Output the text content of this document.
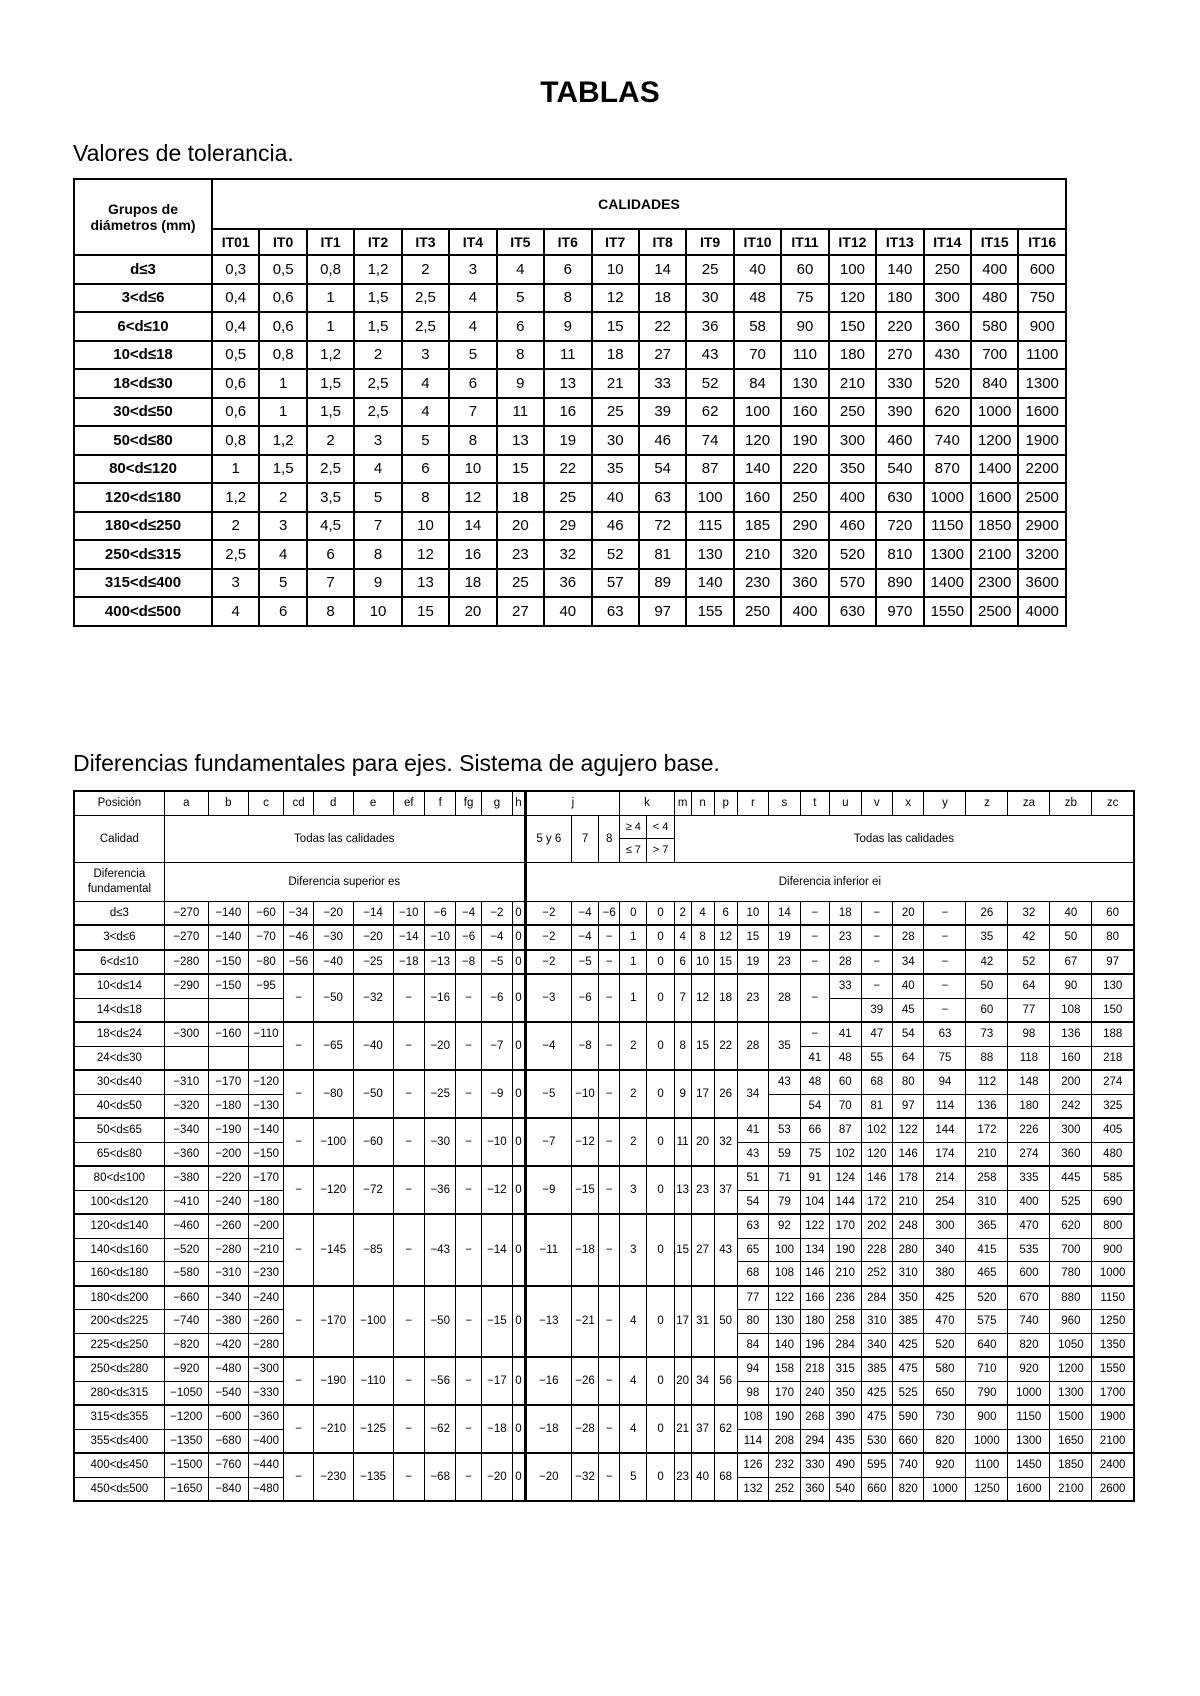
TABLAS
Valores de tolerancia.
Grupos de diámetros (mm)	CALIDADES																	
	IT01	IT0	IT1	IT2	IT3	IT4	IT5	IT6	IT7	IT8	IT9	IT10	IT11	IT12	IT13	IT14	IT15	IT16
d≤3	0,3	0,5	0,8	1,2	2	3	4	6	10	14	25	40	60	100	140	250	400	600
3<d≤6	0,4	0,6	1	1,5	2,5	4	5	8	12	18	30	48	75	120	180	300	480	750
6<d≤10	0,4	0,6	1	1,5	2,5	4	6	9	15	22	36	58	90	150	220	360	580	900
10<d≤18	0,5	0,8	1,2	2	3	5	8	11	18	27	43	70	110	180	270	430	700	1100
18<d≤30	0,6	1	1,5	2,5	4	6	9	13	21	33	52	84	130	210	330	520	840	1300
30<d≤50	0,6	1	1,5	2,5	4	7	11	16	25	39	62	100	160	250	390	620	1000	1600
50<d≤80	0,8	1,2	2	3	5	8	13	19	30	46	74	120	190	300	460	740	1200	1900
80<d≤120	1	1,5	2,5	4	6	10	15	22	35	54	87	140	220	350	540	870	1400	2200
120<d≤180	1,2	2	3,5	5	8	12	18	25	40	63	100	160	250	400	630	1000	1600	2500
180<d≤250	2	3	4,5	7	10	14	20	29	46	72	115	185	290	460	720	1150	1850	2900
250<d≤315	2,5	4	6	8	12	16	23	32	52	81	130	210	320	520	810	1300	2100	3200
315<d≤400	3	5	7	9	13	18	25	36	57	89	140	230	360	570	890	1400	2300	3600
400<d≤500	4	6	8	10	15	20	27	40	63	97	155	250	400	630	970	1550	2500	4000
Diferencias fundamentales para ejes. Sistema de agujero base.
Posición	a	b	c	cd	d	e	ef	f	fg	g	h	j			k		m	n	p	r	s	t	u	v	x	y	z	za	zb	zc
Calidad	Todas las calidades											5 y 6	7	8	≥ 4	< 4	Todas las calidades													
															≤ 7	> 7														
Diferencia fundamental	Diferencia superior es											Diferencia inferior ei																		
d≤3	−270	−140	−60	−34	−20	−14	−10	−6	−4	−2	0	−2	−4	−6	0	0	2	4	6	10	14	−	18	−	20	−	26	32	40	60
3<d≤6	−270	−140	−70	−46	−30	−20	−14	−10	−6	−4	0	−2	−4	−	1	0	4	8	12	15	19	−	23	−	28	−	35	42	50	80
6<d≤10	−280	−150	−80	−56	−40	−25	−18	−13	−8	−5	0	−2	−5	−	1	0	6	10	15	19	23	−	28	−	34	−	42	52	67	97
10<d≤14	−290	−150	−95	−	−50	−32	−	−16	−	−6	0	−3	−6	−	1	0	7	12	18	23	28	−	33	−	40	−	50	64	90	130
14<d≤18																								39	45	−	60	77	108	150
18<d≤24	−300	−160	−110	−	−65	−40	−	−20	−	−7	0	−4	−8	−	2	0	8	15	22	28	35	−	41	47	54	63	73	98	136	188
24<d≤30																						41	48	55	64	75	88	118	160	218
30<d≤40	−310	−170	−120	−	−80	−50	−	−25	−	−9	0	−5	−10	−	2	0	9	17	26	34	43	48	60	68	80	94	112	148	200	274
40<d≤50	−320	−180	−130																			54	70	81	97	114	136	180	242	325
50<d≤65	−340	−190	−140	−	−100	−60	−	−30	−	−10	0	−7	−12	−	2	0	11	20	32	41	53	66	87	102	122	144	172	226	300	405
65<d≤80	−360	−200	−150																	43	59	75	102	120	146	174	210	274	360	480
80<d≤100	−380	−220	−170	−	−120	−72	−	−36	−	−12	0	−9	−15	−	3	0	13	23	37	51	71	91	124	146	178	214	258	335	445	585
100<d≤120	−410	−240	−180																	54	79	104	144	172	210	254	310	400	525	690
120<d≤140	−460	−260	−200	−	−145	−85	−	−43	−	−14	0	−11	−18	−	3	0	15	27	43	63	92	122	170	202	248	300	365	470	620	800
140<d≤160	−520	−280	−210																	65	100	134	190	228	280	340	415	535	700	900
160<d≤180	−580	−310	−230																	68	108	146	210	252	310	380	465	600	780	1000
180<d≤200	−660	−340	−240	−	−170	−100	−	−50	−	−15	0	−13	−21	−	4	0	17	31	50	77	122	166	236	284	350	425	520	670	880	1150
200<d≤225	−740	−380	−260																	80	130	180	258	310	385	470	575	740	960	1250
225<d≤250	−820	−420	−280																	84	140	196	284	340	425	520	640	820	1050	1350
250<d≤280	−920	−480	−300	−	−190	−110	−	−56	−	−17	0	−16	−26	−	4	0	20	34	56	94	158	218	315	385	475	580	710	920	1200	1550
280<d≤315	−1050	−540	−330																	98	170	240	350	425	525	650	790	1000	1300	1700
315<d≤355	−1200	−600	−360	−	−210	−125	−	−62	−	−18	0	−18	−28	−	4	0	21	37	62	108	190	268	390	475	590	730	900	1150	1500	1900
355<d≤400	−1350	−680	−400																	114	208	294	435	530	660	820	1000	1300	1650	2100
400<d≤450	−1500	−760	−440	−	−230	−135	−	−68	−	−20	0	−20	−32	−	5	0	23	40	68	126	232	330	490	595	740	920	1100	1450	1850	2400
450<d≤500	−1650	−840	−480																	132	252	360	540	660	820	1000	1250	1600	2100	2600
